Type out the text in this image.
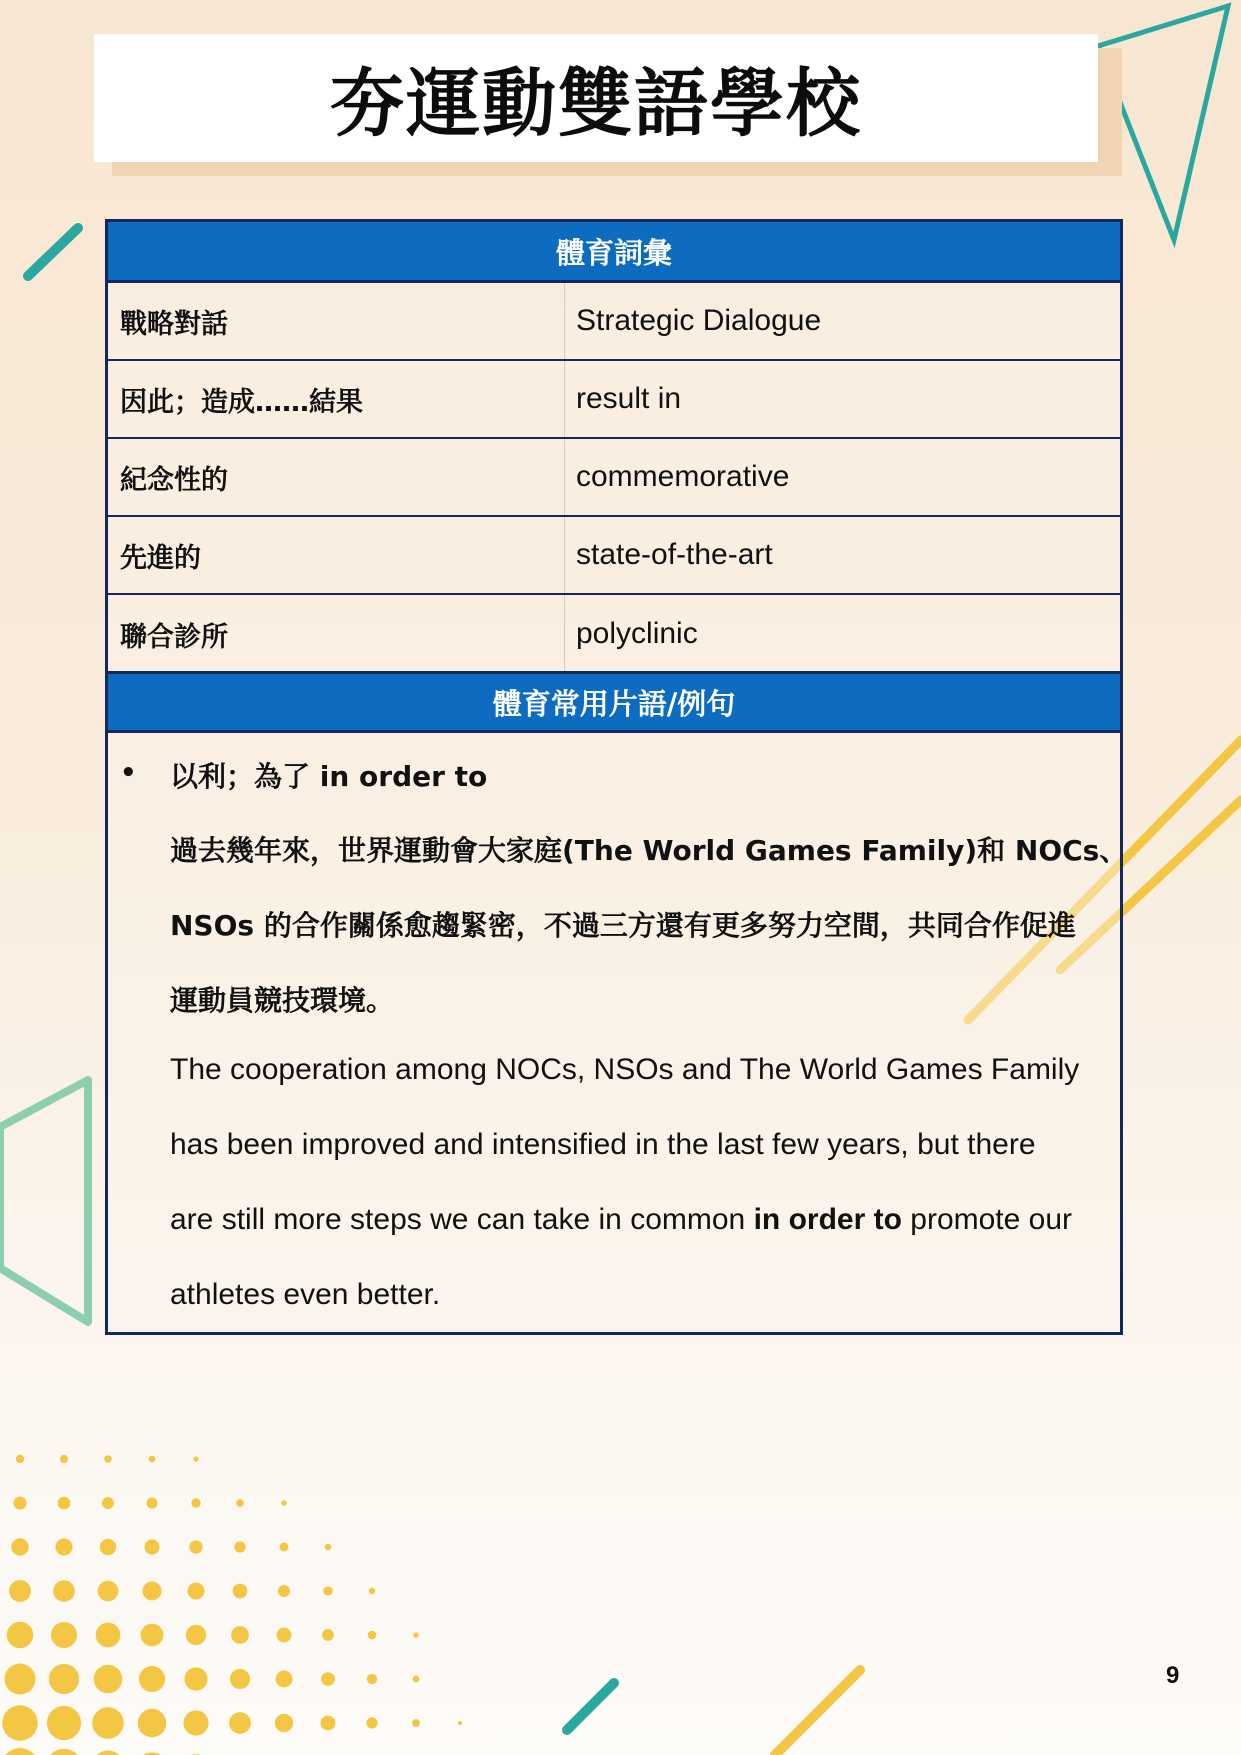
夯運動雙語學校
體育詞彙
戰略對話	Strategic Dialogue
因此；造成……結果	result in
紀念性的	commemorative
先進的	state-of-the-art
聯合診所	polyclinic
體育常用片語/例句
• 以利；為了 in order to
過去幾年來，世界運動會大家庭(The World Games Family)和 NOCs、
NSOs 的合作關係愈趨緊密，不過三方還有更多努力空間，共同合作促進
運動員競技環境。
The cooperation among NOCs, NSOs and The World Games Family
has been improved and intensified in the last few years, but there
are still more steps we can take in common in order to promote our
athletes even better.
9
